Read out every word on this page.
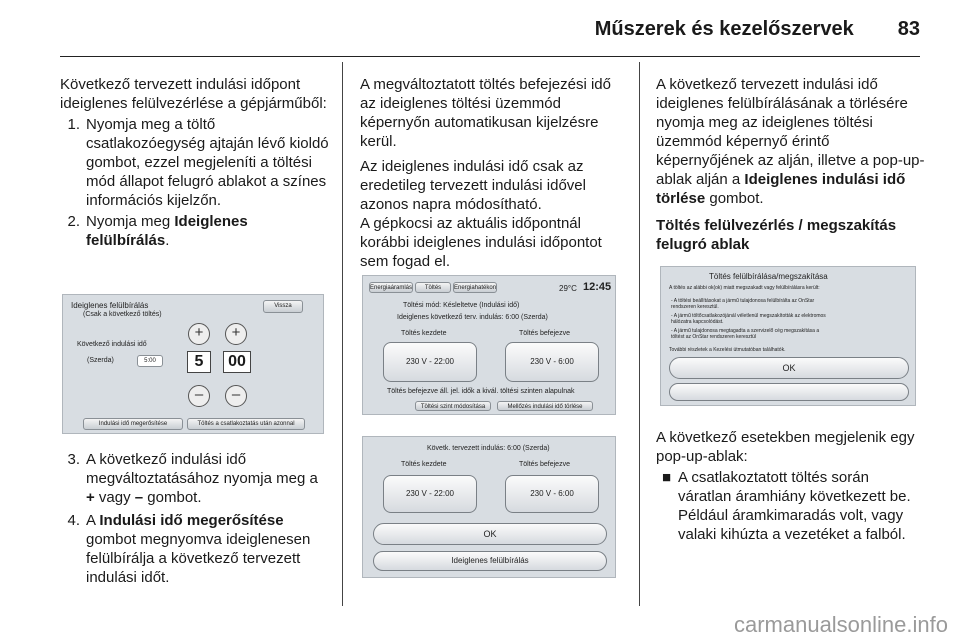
Műszerek és kezelőszervek 83
Következő tervezett indulási időpont ideiglenes felülvezérlése a gépjárműből:
1. Nyomja meg a töltő csatlakozóegység ajtaján lévő kioldó gombot, ezzel megjeleníti a töltési mód állapot felugró ablakot a színes információs kijelzőn.
2. Nyomja meg Ideiglenes felülbírálás.
Ideiglenes felülbírálás
(Csak a következő töltés)
Vissza
Következő indulási idő
(Szerda)	5:00
+
5
–
+
00
–
Indulási idő megerősítése	Töltés a csatlakoztatás után azonnal
3. A következő indulási idő megváltoztatásához nyomja meg a + vagy – gombot.
4. A Indulási idő megerősítése gombot megnyomva ideiglenesen felülbírálja a következő tervezett indulási időt.
A megváltoztatott töltés befejezési idő az ideiglenes töltési üzemmód képernyőn automatikusan kijelzésre kerül.
Az ideiglenes indulási idő csak az eredetileg tervezett indulási idővel azonos napra módosítható.
A gépkocsi az aktuális időpontnál korábbi ideiglenes indulási időpontot sem fogad el.
Energiaáramlás	Töltés	Energiahatékon	29°C 12:45
Töltési mód: Késleltetve (Indulási idő)
Ideiglenes következő terv. indulás: 6:00 (Szerda)
Töltés kezdete	Töltés befejezve
230 V - 22:00	230 V - 6:00
Töltés befejezve áll. jel. idők a kivál. töltési szinten alapulnak
Töltési szint módosítása	Mellőzés indulási idő törlése
Követk. tervezett indulás: 6:00 (Szerda)
Töltés kezdete	Töltés befejezve
230 V - 22:00	230 V - 6:00
OK
Ideiglenes felülbírálás
A következő tervezett indulási idő ideiglenes felülbírálásának a törlésére nyomja meg az ideiglenes töltési üzemmód képernyő érintő képernyőjének az alján, illetve a pop-up-ablak alján a Ideiglenes indulási idő törlése gombot.
Töltés felülvezérlés / megszakítás felugró ablak
Töltés felülbírálása/megszakítása
A töltés az alábbi ok(ok) miatt megszakadt vagy felülbírálásra került:
- A töltési beállításokat a jármű tulajdonosa felülbírálta az OnStar rendszeren keresztül.
- A jármű töltőcsatlakozójánál véletlenül megszakították az elektromos hálózatra kapcsolódást.
- A jármű tulajdonosa megtagadta a szervizelő cég megszakítása a töltést az OnStar rendszeren keresztül
További részletek a Kezelési útmutatóban találhatók.
OK
A következő esetekben megjelenik egy pop-up-ablak:
■ A csatlakoztatott töltés során váratlan áramhiány következett be. Például áramkimaradás volt, vagy valaki kihúzta a vezetéket a falból.
carmanualsonline.info
